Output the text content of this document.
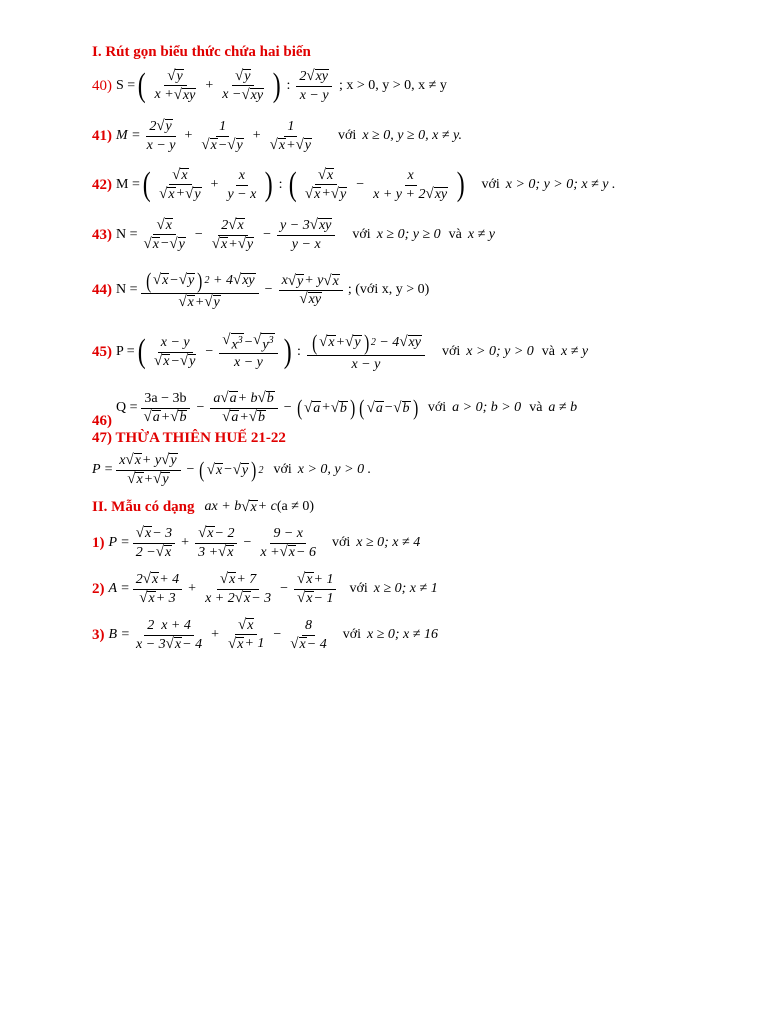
I. Rút gọn biểu thức chứa hai biến
40) S = ( $\frac{√ y}{x + √ xy} + \frac{√ y}{x - √ xy}$ ) : $\frac{2 √ xy}{x - y}$ ; x > 0, y > 0, x ≠ y
41) $M = \frac{2 √ y}{x - y} + \frac{1}{√ x - √ y} + \frac{1}{√ x + √ y}$ với x ≥ 0, y ≥ 0, x ≠ y.
42) M = ( $\frac{√ x}{√ x + √ y} + \frac{x}{y - x}$ ) : ( $\frac{√ x}{√ x + √ y} - \frac{x}{x + y + 2 √ xy}$ ) với x > 0; y > 0; x ≠ y .
43) $N = \frac{√ x}{√ x - √ y} - \frac{2 √ x}{√ x + √ y} - \frac{y - 3 √ xy}{y - x}$ với x ≥ 0; y ≥ 0 và x ≠ y
44) $N = \frac{( √ x - √ y ) 2 + 4 √ xy}{√ x + √ y} - \frac{x √ y + y √ x}{√ xy}$ ; (với x, y > 0)
45) P = ( $\frac{x - y}{√ x - √ y} - \frac{√ x^3 - √ y^3}{x - y}$ ) : $\frac{( √ x + √ y ) 2 - 4 √ xy}{x - y}$ với x > 0; y > 0 và x ≠ y
46)
$Q = \frac{3a - 3b}{√ a + √ b} - \frac{a √ a + b √ b}{√ a + √ b}$ − ( √ a + √ b ) ( √ a − √ b ) với a > 0; b > 0 và a ≠ b
47) THỪA THIÊN HUẾ 21-22
$P = \frac{x √ x + y √ y}{√ x + √ y}$ − ( √ x − √ y ) 2 với x > 0, y > 0 .
II. Mẫu có dạng ax + b √ x + c (a ≠ 0)
1) $P = \frac{√ x - 3}{2 - √ x} + \frac{√ x - 2}{3 + √ x} - \frac{9 - x}{x + √ x - 6}$ với x ≥ 0; x ≠ 4
2) $A = \frac{2 √ x + 4}{√ x + 3} + \frac{√ x + 7}{x + 2 √ x - 3} - \frac{√ x + 1}{√ x - 1}$ với x ≥ 0; x ≠ 1
3) $B = \frac{2 x + 4}{x - 3 √ x - 4} + \frac{√ x}{√ x + 1} - \frac{8}{√ x - 4}$ với x ≥ 0; x ≠ 16
